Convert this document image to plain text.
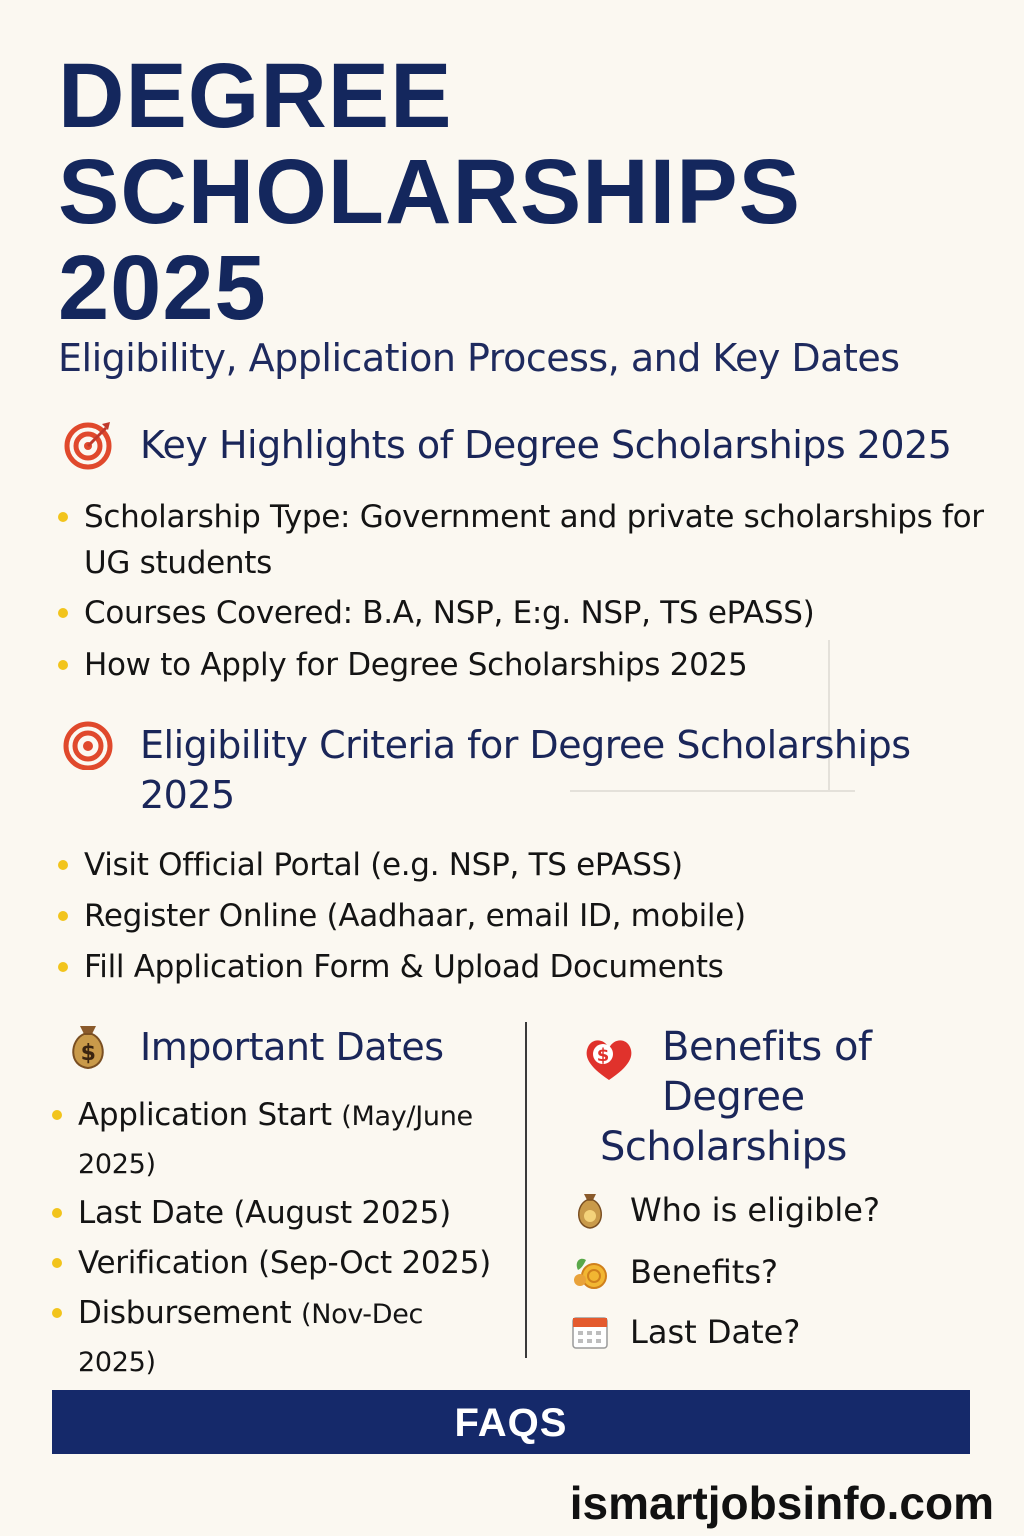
DEGREE
SCHOLARSHIPS
2025
Eligibility, Application Process, and Key Dates
Key Highlights of Degree Scholarships 2025
Scholarship Type: Government and private scholarships for UG students
Courses Covered: B.A, NSP, E:g. NSP, TS ePASS)
How to Apply for Degree Scholarships 2025
Eligibility Criteria for Degree Scholarships
2025
Visit Official Portal (e.g. NSP, TS ePASS)
Register Online (Aadhaar, email ID, mobile)
Fill Application Form & Upload Documents
$ Important Dates
Application Start (May/June
2025)
Last Date (August 2025)
Verification (Sep-Oct 2025)
Disbursement (Nov-Dec
2025)
$	Benefits of
Degree
Scholarships
Who is eligible?
Benefits?
Last Date?
FAQS
ismartjobsinfo.com
